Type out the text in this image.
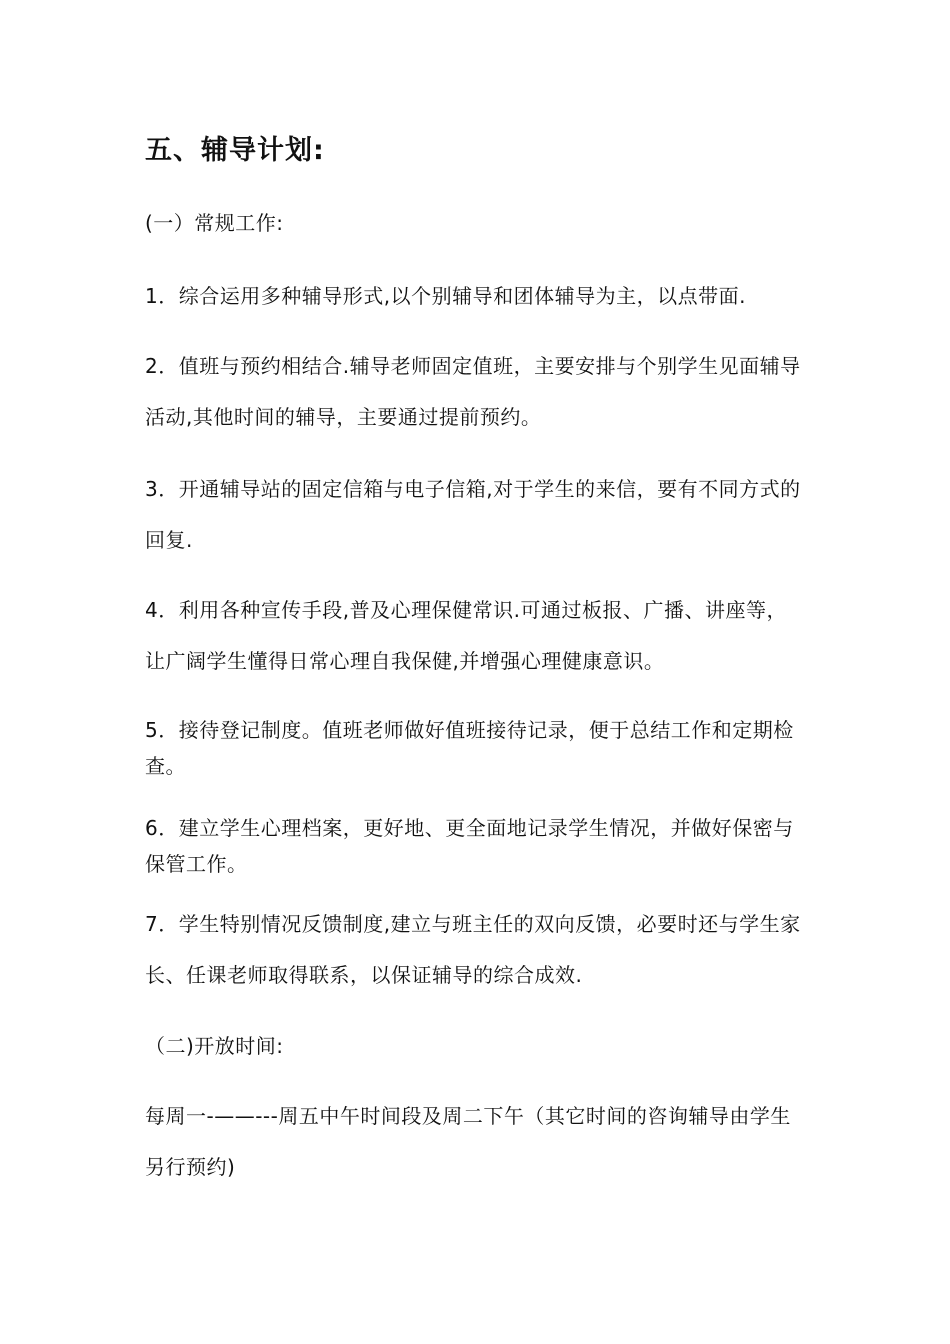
五、辅导计划:

(一）常规工作:

1．综合运用多种辅导形式,以个别辅导和团体辅导为主，以点带面.

2．值班与预约相结合.辅导老师固定值班，主要安排与个别学生见面辅导活动,其他时间的辅导，主要通过提前预约。

3．开通辅导站的固定信箱与电子信箱,对于学生的来信，要有不同方式的回复.

4．利用各种宣传手段,普及心理保健常识.可通过板报、广播、讲座等，让广阔学生懂得日常心理自我保健,并增强心理健康意识。

5．接待登记制度。值班老师做好值班接待记录，便于总结工作和定期检查。

6．建立学生心理档案，更好地、更全面地记录学生情况，并做好保密与保管工作。

7．学生特别情况反馈制度,建立与班主任的双向反馈，必要时还与学生家长、任课老师取得联系，以保证辅导的综合成效.

（二)开放时间:

每周一-——---周五中午时间段及周二下午（其它时间的咨询辅导由学生另行预约)
